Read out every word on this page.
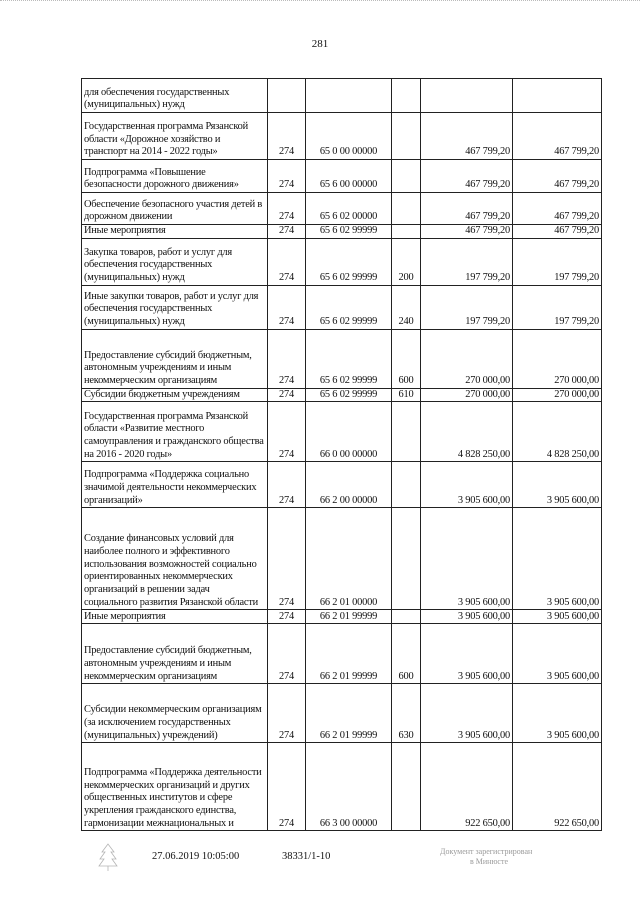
281
для обеспечения государственных (муниципальных) нужд					
Государственная программа Рязанской области «Дорожное хозяйство и транспорт на 2014 - 2022 годы»	274	65 0 00 00000		467 799,20	467 799,20
Подпрограмма «Повышение безопасности дорожного движения»	274	65 6 00 00000		467 799,20	467 799,20
Обеспечение безопасного участия детей в дорожном движении	274	65 6 02 00000		467 799,20	467 799,20
Иные мероприятия	274	65 6 02 99999		467 799,20	467 799,20
Закупка товаров, работ и услуг для обеспечения государственных (муниципальных) нужд	274	65 6 02 99999	200	197 799,20	197 799,20
Иные закупки товаров, работ и услуг для обеспечения государственных (муниципальных) нужд	274	65 6 02 99999	240	197 799,20	197 799,20
Предоставление субсидий бюджетным, автономным учреждениям и иным некоммерческим организациям	274	65 6 02 99999	600	270 000,00	270 000,00
Субсидии бюджетным учреждениям	274	65 6 02 99999	610	270 000,00	270 000,00
Государственная программа Рязанской области «Развитие местного самоуправления и гражданского общества на 2016 - 2020 годы»	274	66 0 00 00000		4 828 250,00	4 828 250,00
Подпрограмма «Поддержка социально значимой деятельности некоммерческих организаций»	274	66 2 00 00000		3 905 600,00	3 905 600,00
Создание финансовых условий для наиболее полного и эффективного использования возможностей социально ориентированных некоммерческих организаций в решении задач социального развития Рязанской области	274	66 2 01 00000		3 905 600,00	3 905 600,00
Иные мероприятия	274	66 2 01 99999		3 905 600,00	3 905 600,00
Предоставление субсидий бюджетным, автономным учреждениям и иным некоммерческим организациям	274	66 2 01 99999	600	3 905 600,00	3 905 600,00
Субсидии некоммерческим организациям (за исключением государственных (муниципальных) учреждений)	274	66 2 01 99999	630	3 905 600,00	3 905 600,00
Подпрограмма «Поддержка деятельности некоммерческих организаций и других общественных институтов и сфере укрепления гражданского единства, гармонизации межнациональных и	274	66 3 00 00000		922 650,00	922 650,00
27.06.2019 10:05:00	38331/1-10	Документ зарегистрирован
в Минюсте
